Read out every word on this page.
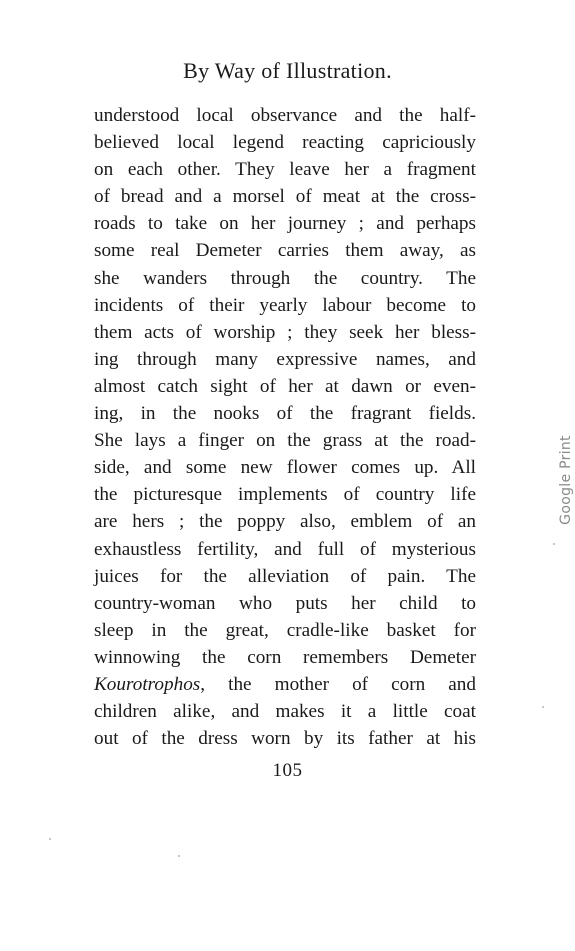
By Way of Illustration.
understood local observance and the half-
believed local legend reacting capriciously
on each other. They leave her a fragment
of bread and a morsel of meat at the cross-
roads to take on her journey ; and perhaps
some real Demeter carries them away, as
she wanders through the country. The
incidents of their yearly labour become to
them acts of worship ; they seek her bless-
ing through many expressive names, and
almost catch sight of her at dawn or even-
ing, in the nooks of the fragrant fields.
She lays a finger on the grass at the road-
side, and some new flower comes up. All
the picturesque implements of country life
are hers ; the poppy also, emblem of an
exhaustless fertility, and full of mysterious
juices for the alleviation of pain. The
country-woman who puts her child to
sleep in the great, cradle-like basket for
winnowing the corn remembers Demeter
Kourotrophos, the mother of corn and
children alike, and makes it a little coat
out of the dress worn by its father at his
105
Google Print
